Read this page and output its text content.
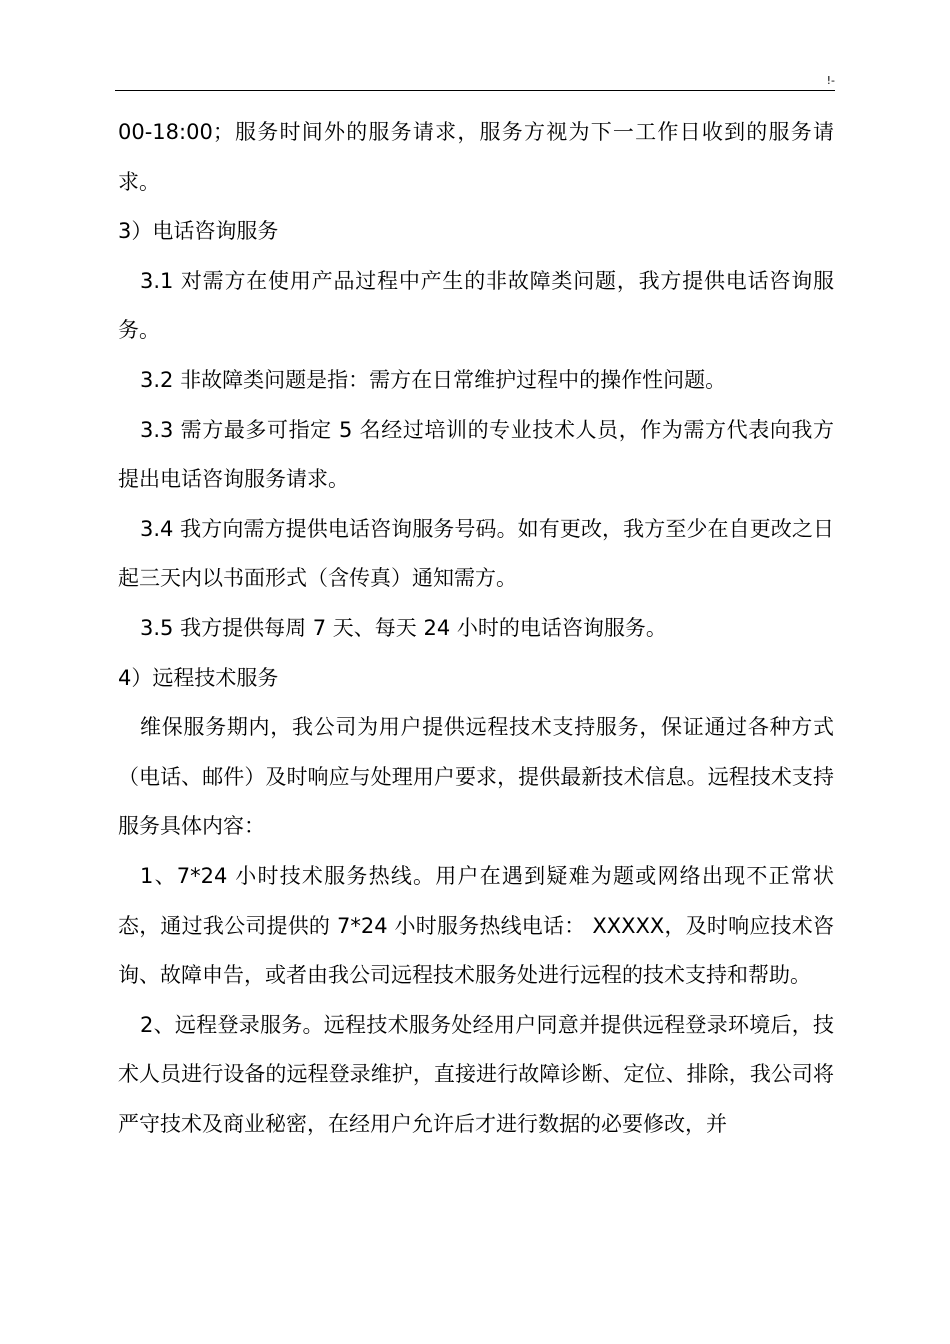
!-

00-18:00；服务时间外的服务请求，服务方视为下一工作日收到的服务请求。

3）电话咨询服务

3.1 对需方在使用产品过程中产生的非故障类问题，我方提供电话咨询服务。

3.2 非故障类问题是指：需方在日常维护过程中的操作性问题。

3.3 需方最多可指定 5 名经过培训的专业技术人员，作为需方代表向我方提出电话咨询服务请求。

3.4 我方向需方提供电话咨询服务号码。如有更改，我方至少在自更改之日起三天内以书面形式（含传真）通知需方。

3.5 我方提供每周 7 天、每天 24 小时的电话咨询服务。

4）远程技术服务

维保服务期内，我公司为用户提供远程技术支持服务，保证通过各种方式（电话、邮件）及时响应与处理用户要求，提供最新技术信息。远程技术支持服务具体内容：

1、7*24 小时技术服务热线。用户在遇到疑难为题或网络出现不正常状态，通过我公司提供的 7*24 小时服务热线电话： XXXXX，及时响应技术咨询、故障申告，或者由我公司远程技术服务处进行远程的技术支持和帮助。

2、远程登录服务。远程技术服务处经用户同意并提供远程登录环境后，技术人员进行设备的远程登录维护，直接进行故障诊断、定位、排除，我公司将严守技术及商业秘密，在经用户允许后才进行数据的必要修改，并
